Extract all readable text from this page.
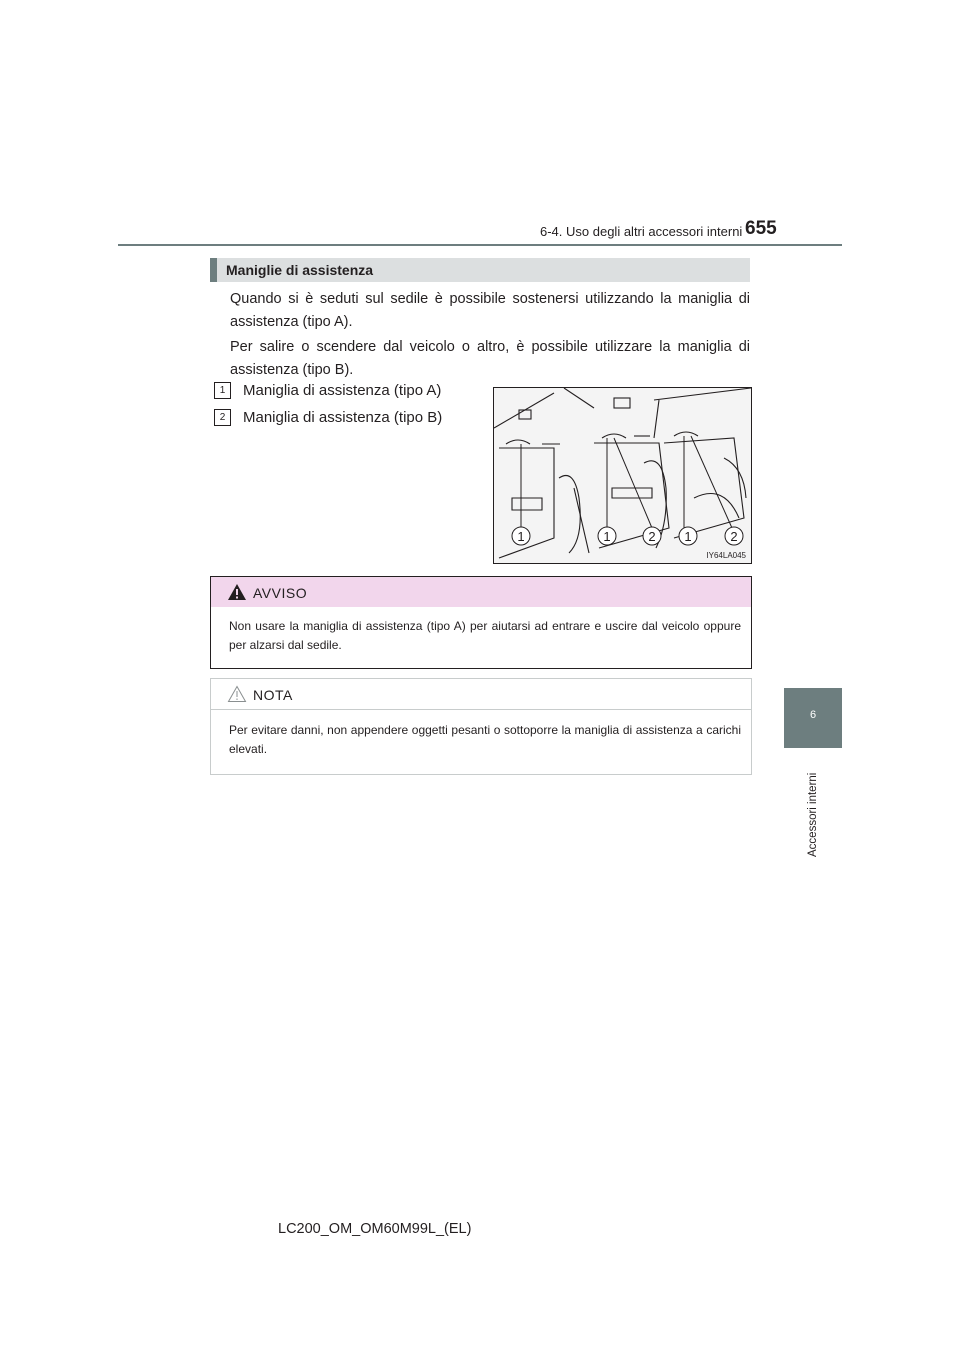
6-4. Uso degli altri accessori interni 655
6
Accessori interni
Maniglie di assistenza
Quando si è seduti sul sedile è possibile sostenersi utilizzando la maniglia di assistenza (tipo A).
Per salire o scendere dal veicolo o altro, è possibile utilizzare la maniglia di assistenza (tipo B).
1 Maniglia di assistenza (tipo A)
2 Maniglia di assistenza (tipo B)
1	1	2 1	2
IY64LA045
AVVISO
Non usare la maniglia di assistenza (tipo A) per aiutarsi ad entrare e uscire dal veicolo oppure per alzarsi dal sedile.
NOTA
Per evitare danni, non appendere oggetti pesanti o sottoporre la maniglia di assistenza a carichi elevati.
LC200_OM_OM60M99L_(EL)
